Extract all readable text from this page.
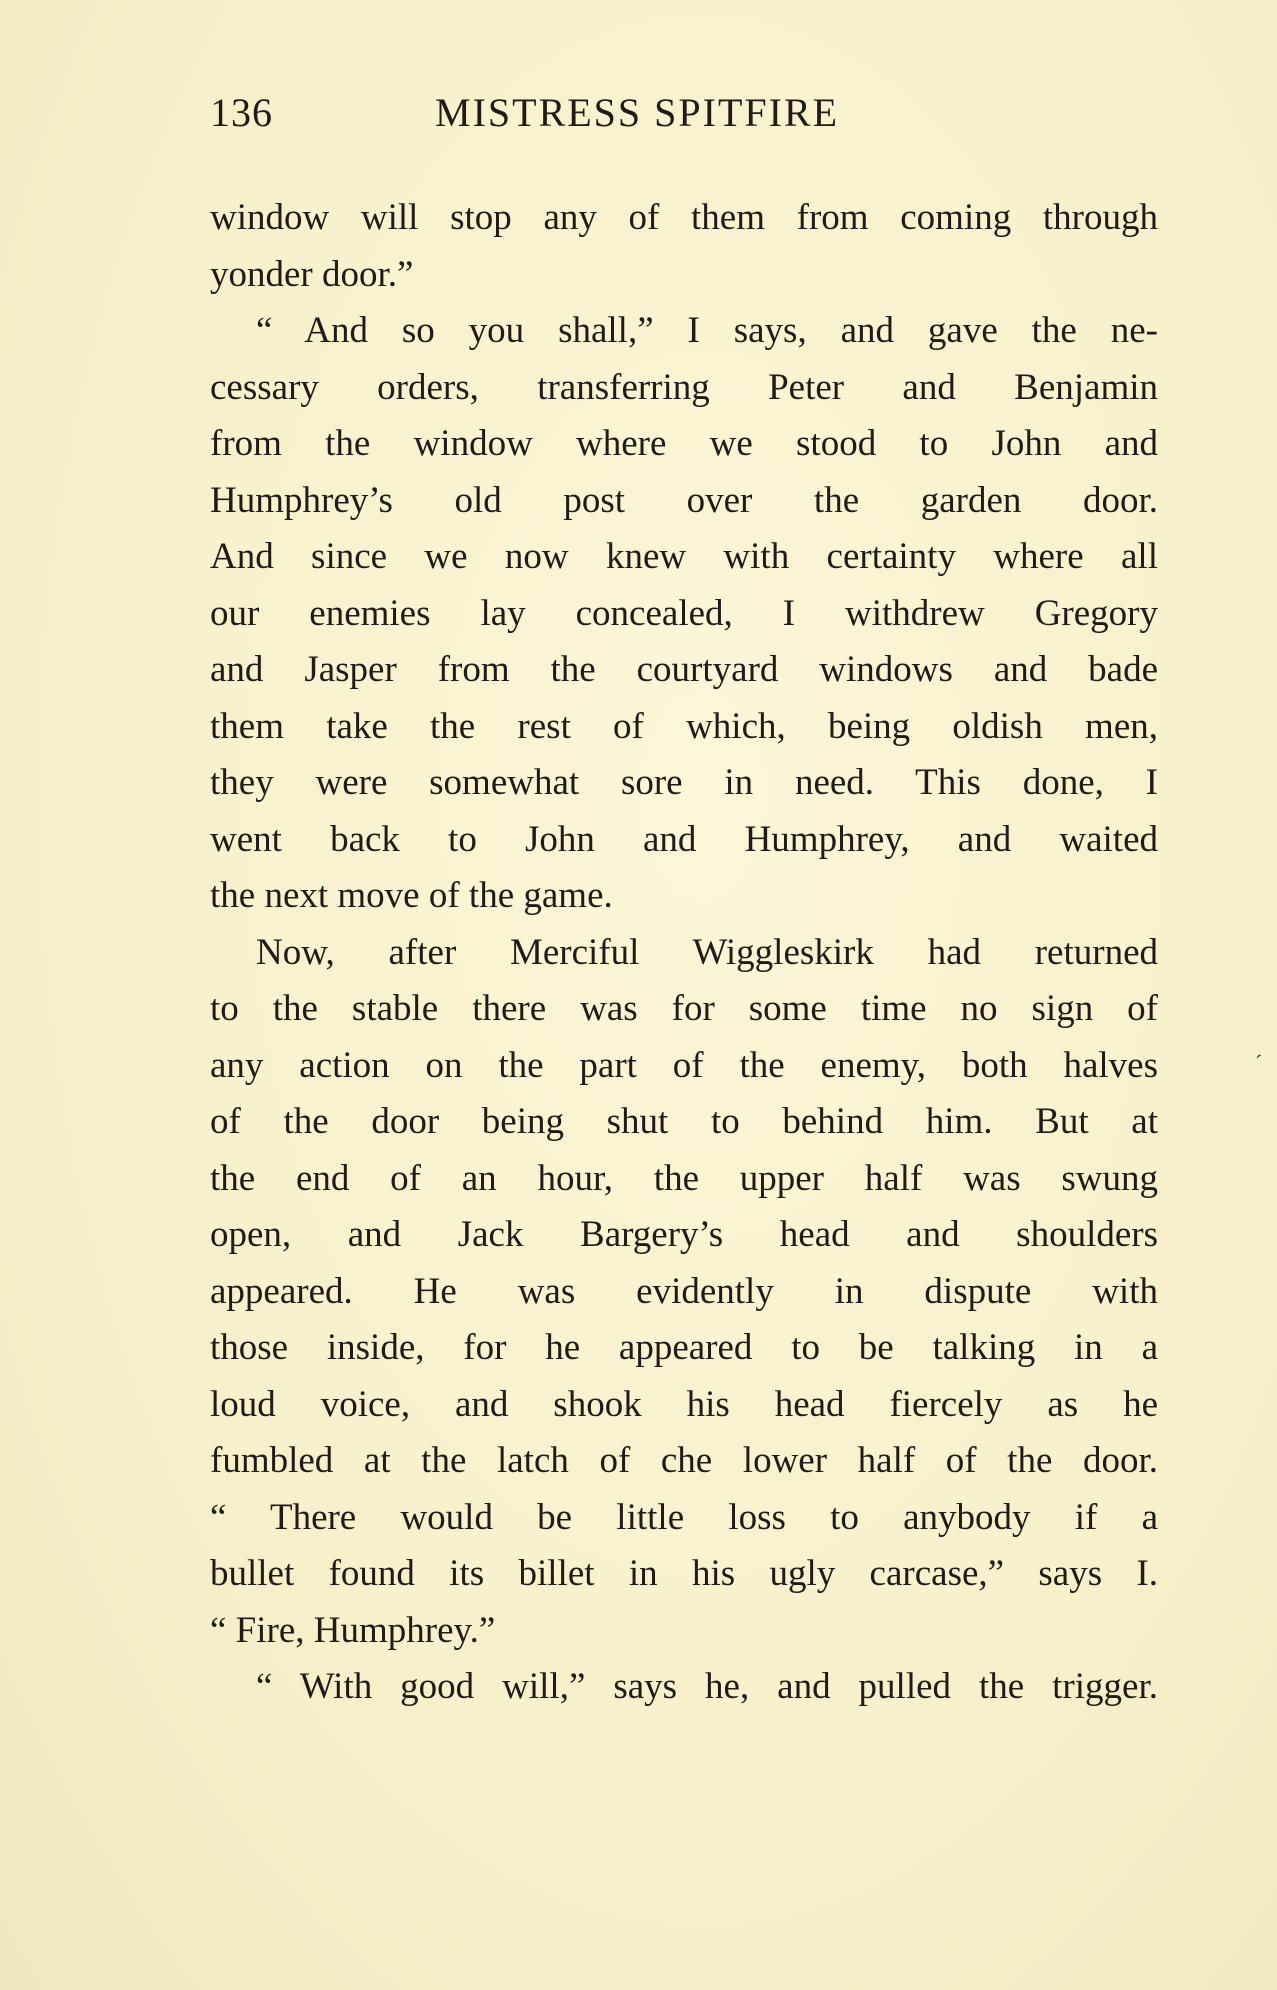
136	MISTRESS SPITFIRE
window will stop any of them from coming through
yonder door.”
“ And so you shall,” I says, and gave the ne-
cessary orders, transferring Peter and Benjamin
from the window where we stood to John and
Humphrey’s old post over the garden door.
And since we now knew with certainty where all
our enemies lay concealed, I withdrew Gregory
and Jasper from the courtyard windows and bade
them take the rest of which, being oldish men,
they were somewhat sore in need. This done, I
went back to John and Humphrey, and waited
the next move of the game.
Now, after Merciful Wiggleskirk had returned
to the stable there was for some time no sign of
any action on the part of the enemy, both halves
of the door being shut to behind him. But at
the end of an hour, the upper half was swung
open, and Jack Bargery’s head and shoulders
appeared. He was evidently in dispute with
those inside, for he appeared to be talking in a
loud voice, and shook his head fiercely as he
fumbled at the latch of сhe lower half of the door.
“ There would be little loss to anybody if a
bullet found its billet in his ugly carcase,” says I.
“ Fire, Humphrey.”
“ With good will,” says he, and pulled the trigger.
´
